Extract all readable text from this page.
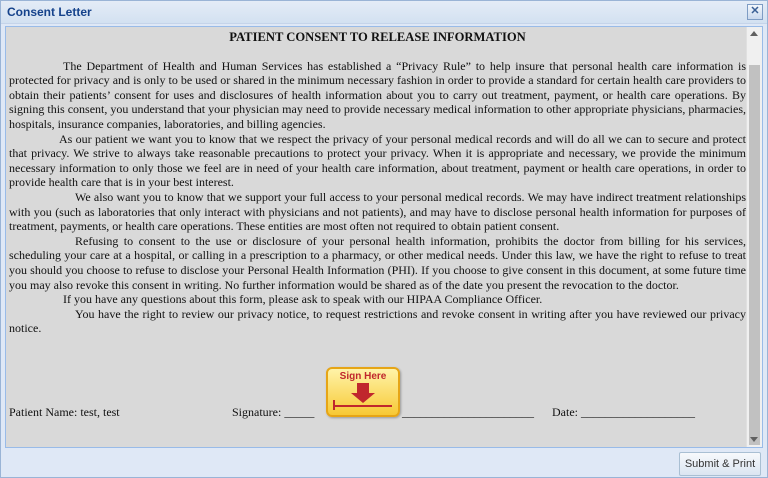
Consent Letter	✕
PATIENT CONSENT TO RELEASE INFORMATION

The Department of Health and Human Services has established a “Privacy Rule” to help insure that personal health care information is protected for privacy and is only to be used or shared in the minimum necessary fashion in order to provide a standard for certain health care providers to obtain their patients’ consent for uses and disclosures of health information about you to carry out treatment, payment, or health care operations. By signing this consent, you understand that your physician may need to provide necessary medical information to other appropriate physicians, pharmacies, hospitals, insurance companies, laboratories, and billing agencies.

As our patient we want you to know that we respect the privacy of your personal medical records and will do all we can to secure and protect that privacy. We strive to always take reasonable precautions to protect your privacy. When it is appropriate and necessary, we provide the minimum necessary information to only those we feel are in need of your health care information, about treatment, payment or health care operations, in order to provide health care that is in your best interest.

We also want you to know that we support your full access to your personal medical records. We may have indirect treatment relationships with you (such as laboratories that only interact with physicians and not patients), and may have to disclose personal health information for purposes of treatment, payments, or health care operations. These entities are most often not required to obtain patient consent.

Refusing to consent to the use or disclosure of your personal health information, prohibits the doctor from billing for his services, scheduling your care at a hospital, or calling in a prescription to a pharmacy, or other medical needs. Under this law, we have the right to refuse to treat you should you choose to refuse to disclose your Personal Health Information (PHI). If you choose to give consent in this document, at some future time you may also revoke this consent in writing. No further information would be shared as of the date you present the revocation to the doctor.

If you have any questions about this form, please ask to speak with our HIPAA Compliance Officer.

You have the right to review our privacy notice, to request restrictions and revoke consent in writing after you have reviewed our privacy notice.

Sign Here
Patient Name: test, test	Signature: _____	______________________ Date: ___________________
Submit & Print
